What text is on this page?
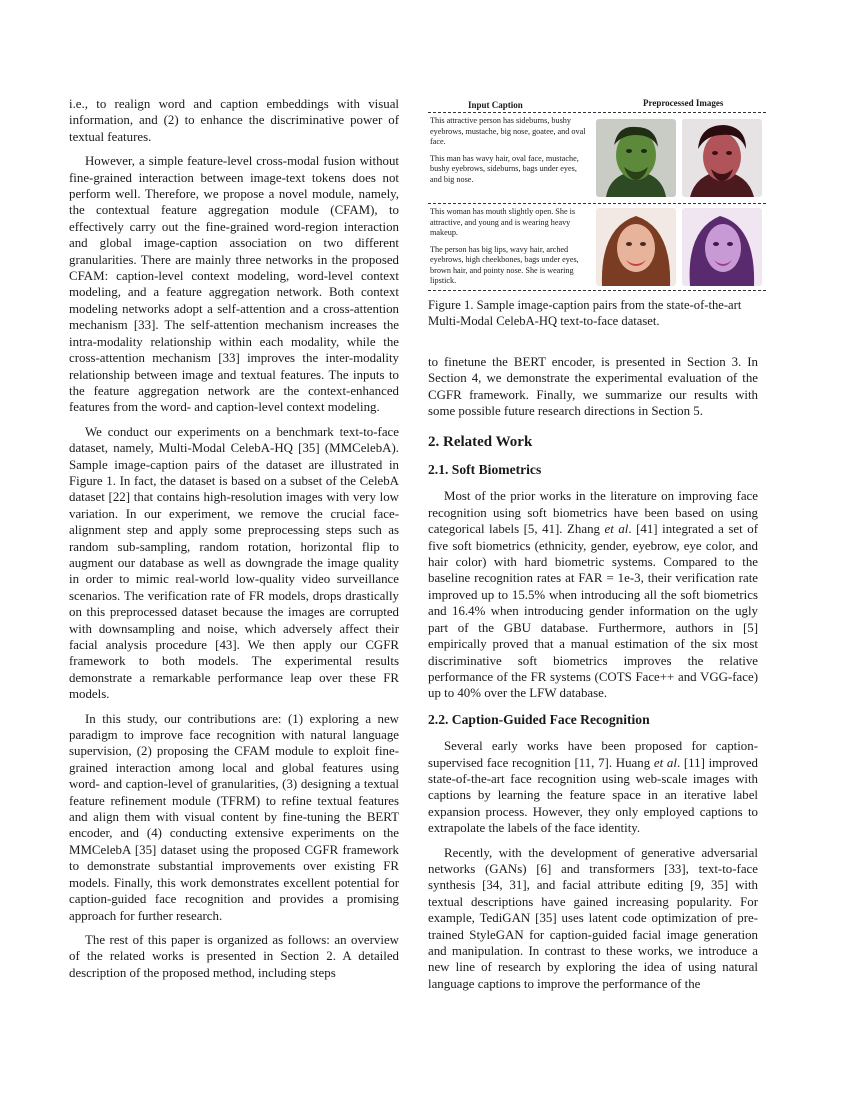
i.e., to realign word and caption embeddings with visual information, and (2) to enhance the discriminative power of textual features.

However, a simple feature-level cross-modal fusion without fine-grained interaction between image-text tokens does not perform well. Therefore, we propose a novel module, namely, the contextual feature aggregation module (CFAM), to effectively carry out the fine-grained word-region interaction and global image-caption association on two different granularities. There are mainly three networks in the proposed CFAM: caption-level context modeling, word-level context modeling, and a feature aggregation network. Both context modeling networks adopt a self-attention and a cross-attention mechanism [33]. The self-attention mechanism increases the intra-modality relationship within each modality, while the cross-attention mechanism [33] improves the inter-modality relationship between image and textual features. The inputs to the feature aggregation network are the context-enhanced features from the word- and caption-level context modeling.

We conduct our experiments on a benchmark text-to-face dataset, namely, Multi-Modal CelebA-HQ [35] (MMCelebA). Sample image-caption pairs of the dataset are illustrated in Figure 1. In fact, the dataset is based on a subset of the CelebA dataset [22] that contains high-resolution images with very low variation. In our experiment, we remove the crucial face-alignment step and apply some preprocessing steps such as random sub-sampling, random rotation, horizontal flip to augment our database as well as downgrade the image quality in order to mimic real-world low-quality video surveillance scenarios. The verification rate of FR models, drops drastically on this preprocessed dataset because the images are corrupted with downsampling and noise, which adversely affect their facial analysis procedure [43]. We then apply our CGFR framework to both models. The experimental results demonstrate a remarkable performance leap over these FR models.

In this study, our contributions are: (1) exploring a new paradigm to improve face recognition with natural language supervision, (2) proposing the CFAM module to exploit fine-grained interaction among local and global features using word- and caption-level of granularities, (3) designing a textual feature refinement module (TFRM) to refine textual features and align them with visual content by fine-tuning the BERT encoder, and (4) conducting extensive experiments on the MMCelebA [35] dataset using the proposed CGFR framework to demonstrate substantial improvements over existing FR models. Finally, this work demonstrates excellent potential for caption-guided face recognition and provides a promising approach for further research.

The rest of this paper is organized as follows: an overview of the related works is presented in Section 2. A detailed description of the proposed method, including steps

Input Caption	Preprocessed Images
This attractive person has sideburns, bushy eyebrows, mustache, big nose, goatee, and oval face.
This man has wavy hair, oval face, mustache, bushy eyebrows, sideburns, bags under eyes, and big nose.
This woman has mouth slightly open. She is attractive, and young and is wearing heavy makeup.
The person has big lips, wavy hair, arched eyebrows, high cheekbones, bags under eyes, brown hair, and pointy nose. She is wearing lipstick.
Figure 1. Sample image-caption pairs from the state-of-the-art Multi-Modal CelebA-HQ text-to-face dataset.

to finetune the BERT encoder, is presented in Section 3. In Section 4, we demonstrate the experimental evaluation of the CGFR framework. Finally, we summarize our results with some possible future research directions in Section 5.

2. Related Work
2.1. Soft Biometrics

Most of the prior works in the literature on improving face recognition using soft biometrics have been based on using categorical labels [5, 41]. Zhang et al. [41] integrated a set of five soft biometrics (ethnicity, gender, eyebrow, eye color, and hair color) with hard biometric systems. Compared to the baseline recognition rates at FAR = 1e-3, their verification rate improved up to 15.5% when introducing all the soft biometrics and 16.4% when introducing gender information on the ugly part of the GBU database. Furthermore, authors in [5] empirically proved that a manual estimation of the six most discriminative soft biometrics improves the relative performance of the FR systems (COTS Face++ and VGG-face) up to 40% over the LFW database.

2.2. Caption-Guided Face Recognition

Several early works have been proposed for caption-supervised face recognition [11, 7]. Huang et al. [11] improved state-of-the-art face recognition using web-scale images with captions by learning the feature space in an iterative label expansion process. However, they only employed captions to extrapolate the labels of the face identity.

Recently, with the development of generative adversarial networks (GANs) [6] and transformers [33], text-to-face synthesis [34, 31], and facial attribute editing [9, 35] with textual descriptions have gained increasing popularity. For example, TediGAN [35] uses latent code optimization of pre-trained StyleGAN for caption-guided facial image generation and manipulation. In contrast to these works, we introduce a new line of research by exploring the idea of using natural language captions to improve the performance of the
